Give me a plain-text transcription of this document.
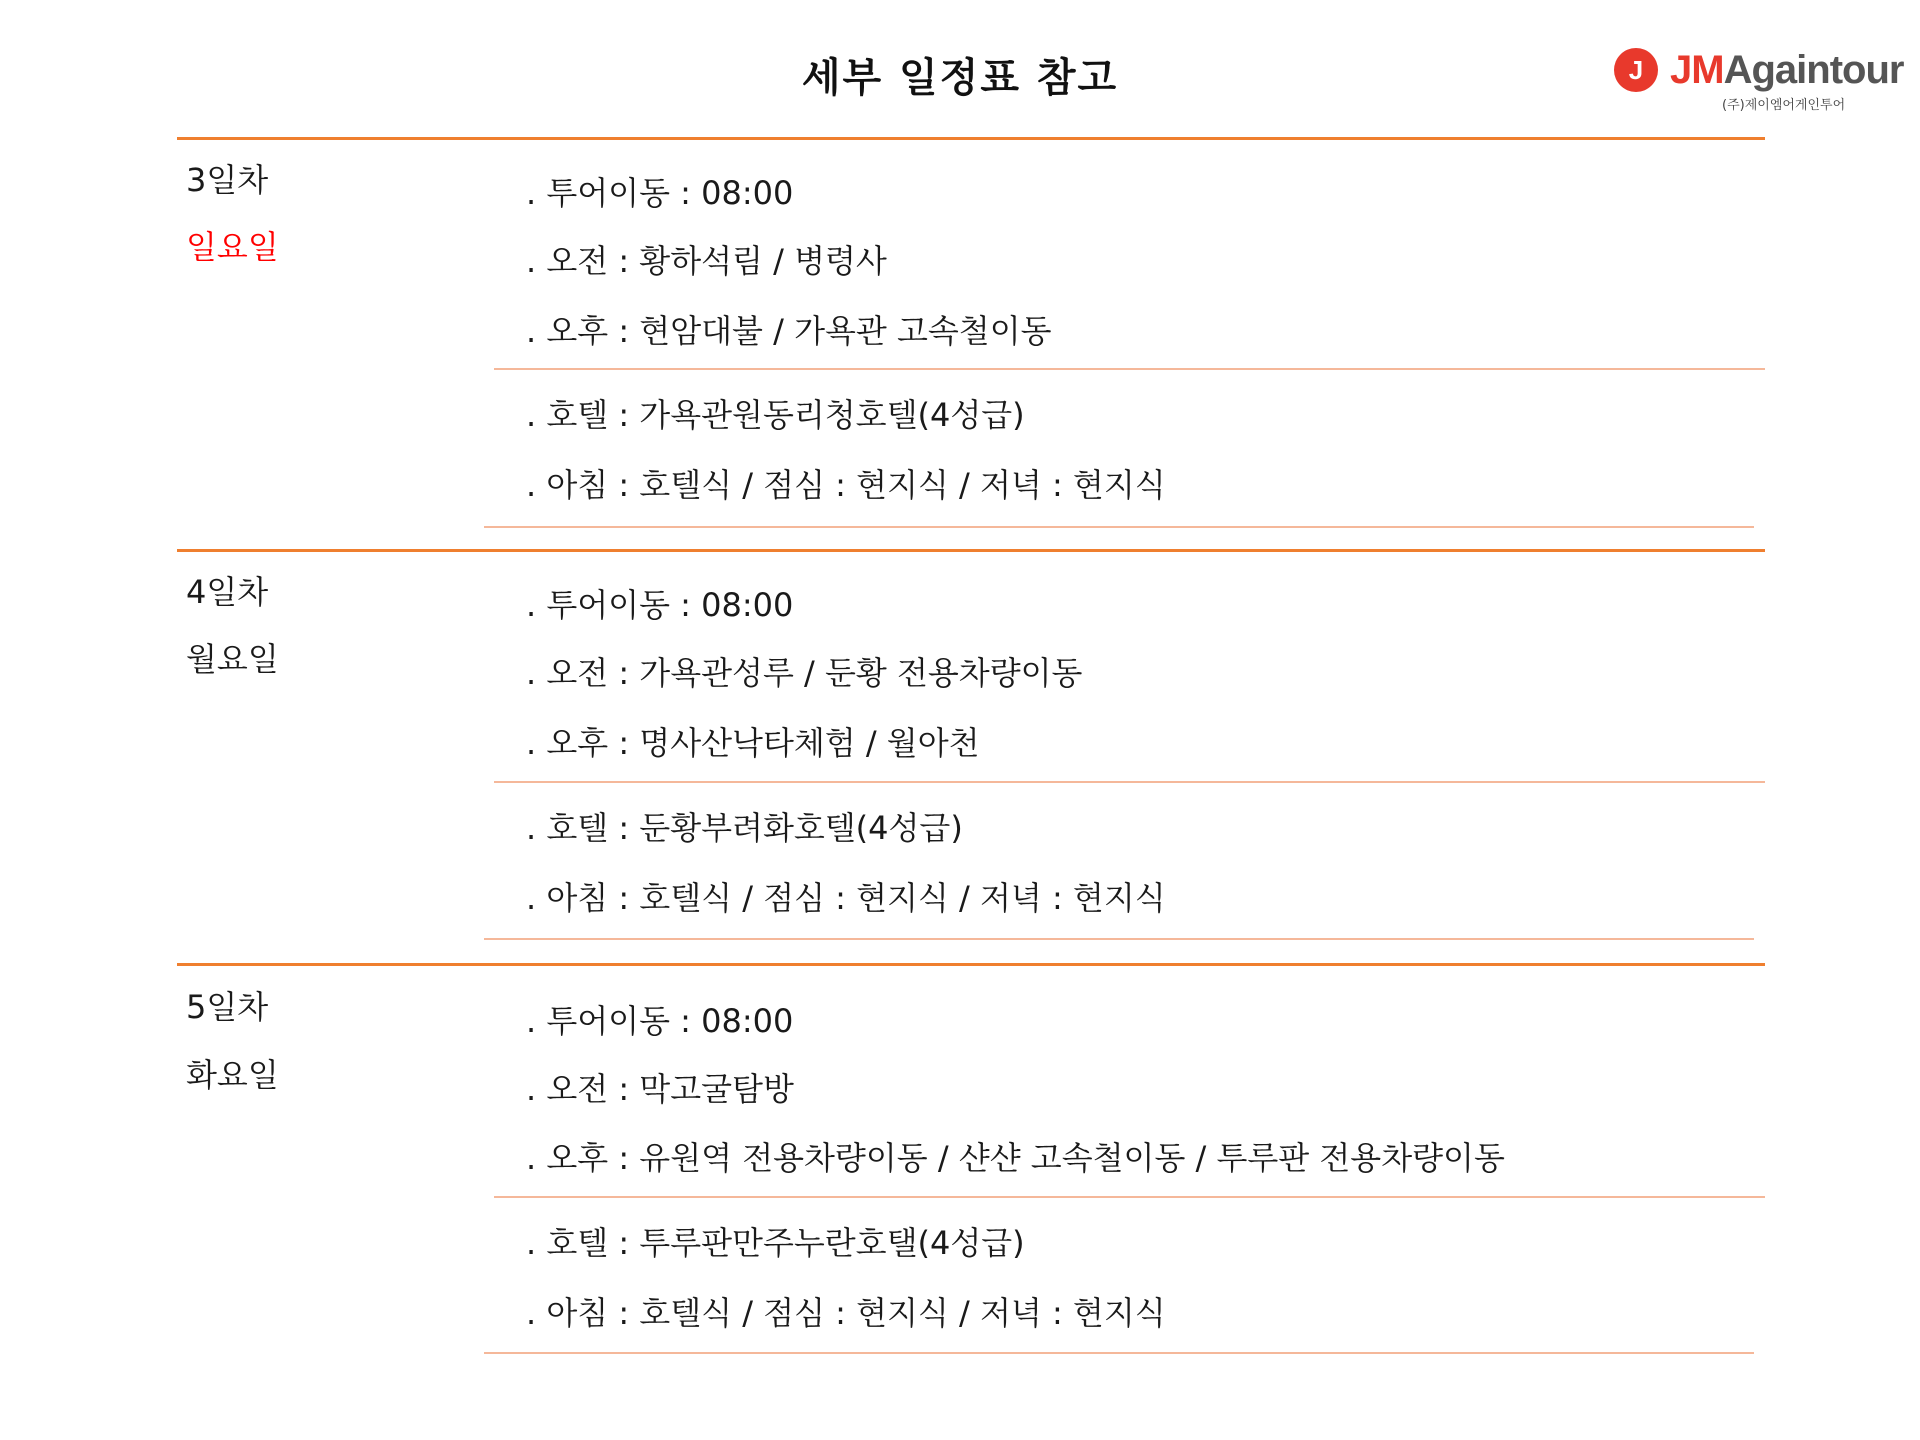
세부 일정표 참고	J JMAgaintour
(주)제이엠어게인투어
3일차
일요일
. 투어이동 : 08:00
. 오전 : 황하석림 / 병령사
. 오후 : 현암대불 / 가욕관 고속철이동
. 호텔 : 가욕관원동리청호텔(4성급)
. 아침 : 호텔식 / 점심 : 현지식 / 저녁 : 현지식
4일차
월요일
. 투어이동 : 08:00
. 오전 : 가욕관성루 / 둔황 전용차량이동
. 오후 : 명사산낙타체험 / 월아천
. 호텔 : 둔황부려화호텔(4성급)
. 아침 : 호텔식 / 점심 : 현지식 / 저녁 : 현지식
5일차
화요일
. 투어이동 : 08:00
. 오전 : 막고굴탐방
. 오후 : 유원역 전용차량이동 / 샨샨 고속철이동 / 투루판 전용차량이동
. 호텔 : 투루판만주누란호탤(4성급)
. 아침 : 호텔식 / 점심 : 현지식 / 저녁 : 현지식
